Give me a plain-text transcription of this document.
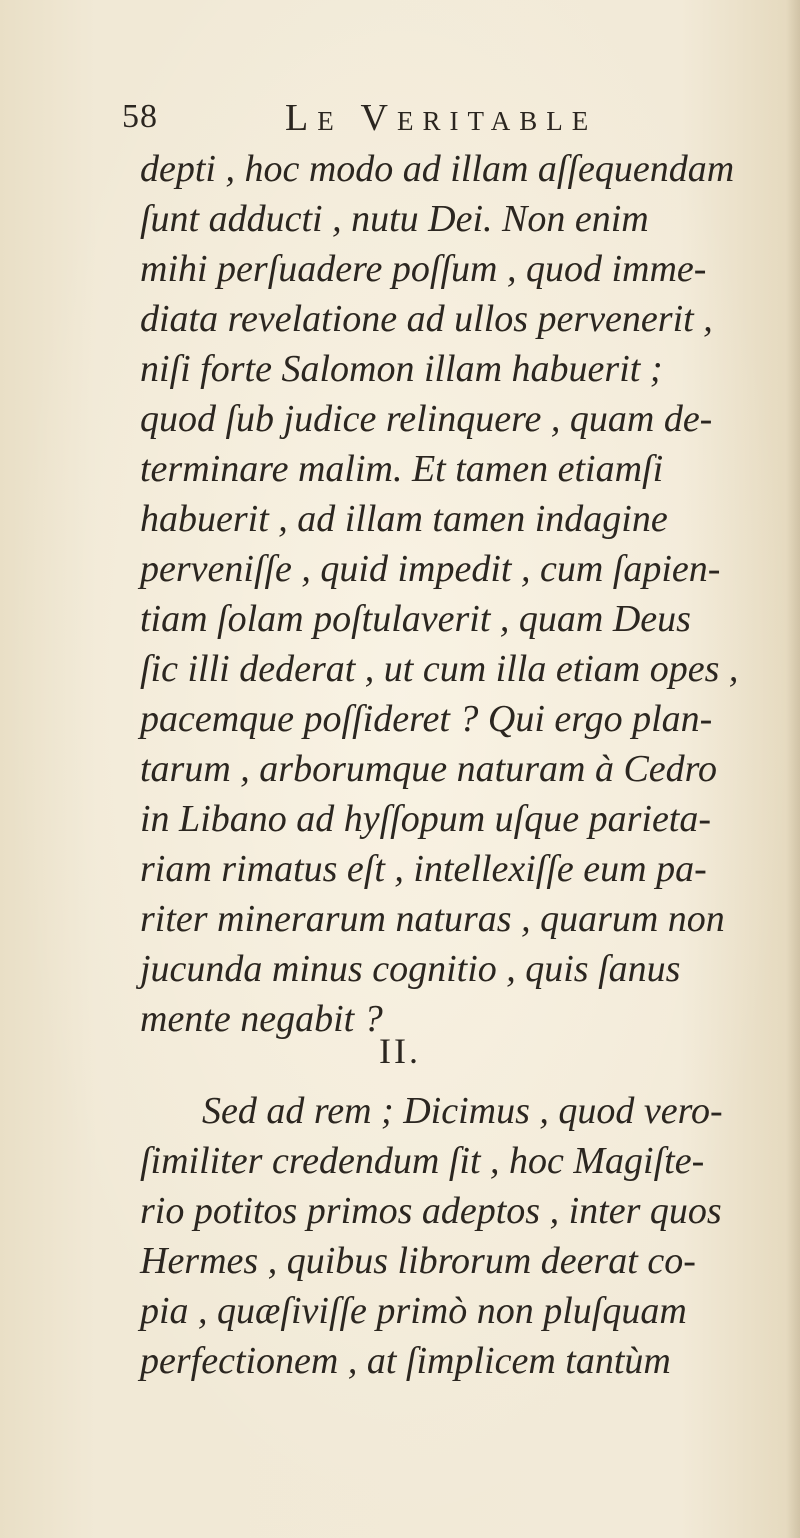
58	Le Veritable
depti , hoc modo ad illam aſſequendam
ſunt adducti , nutu Dei. Non enim
mihi perſuadere poſſum , quod imme-
diata revelatione ad ullos pervenerit ,
niſi forte Salomon illam habuerit ;
quod ſub judice relinquere , quam de-
terminare malim. Et tamen etiamſi
habuerit , ad illam tamen indagine
perveniſſe , quid impedit , cum ſapien-
tiam ſolam poſtulaverit , quam Deus
ſic illi dederat , ut cum illa etiam opes ,
pacemque poſſideret ? Qui ergo plan-
tarum , arborumque naturam à Cedro
in Libano ad hyſſopum uſque parieta-
riam rimatus eſt , intellexiſſe eum pa-
riter minerarum naturas , quarum non
jucunda minus cognitio , quis ſanus
mente negabit ?
II.
Sed ad rem ; Dicimus , quod vero-
ſimiliter credendum ſit , hoc Magiſte-
rio potitos primos adeptos , inter quos
Hermes , quibus librorum deerat co-
pia , quæſiviſſe primò non pluſquam
perfectionem , at ſimplicem tantùm
